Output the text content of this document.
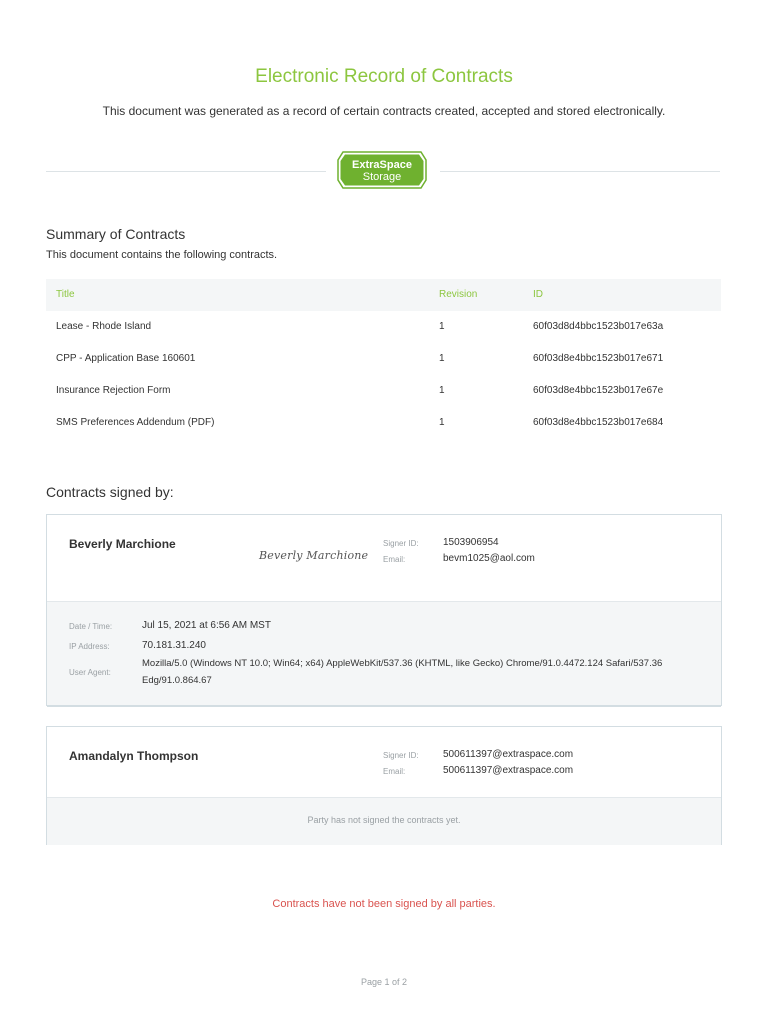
Electronic Record of Contracts
This document was generated as a record of certain contracts created, accepted and stored electronically.
ExtraSpace
Storage
Summary of Contracts
This document contains the following contracts.
Title	Revision	ID
Lease - Rhode Island	1	60f03d8d4bbc1523b017e63a
CPP - Application Base 160601	1	60f03d8e4bbc1523b017e671
Insurance Rejection Form	1	60f03d8e4bbc1523b017e67e
SMS Preferences Addendum (PDF)	1	60f03d8e4bbc1523b017e684
Contracts signed by:
Beverly Marchione
Beverly Marchione
Signer ID: 1503906954
Email:	bevm1025@aol.com
Date / Time:	Jul 15, 2021 at 6:56 AM MST
IP Address:	70.181.31.240
User Agent:
Mozilla/5.0 (Windows NT 10.0; Win64; x64) AppleWebKit/537.36 (KHTML, like Gecko) Chrome/91.0.4472.124 Safari/537.36
Edg/91.0.864.67
Amandalyn Thompson	Signer ID: 500611397@extraspace.com
Email:	500611397@extraspace.com
Party has not signed the contracts yet.
Contracts have not been signed by all parties.
Page 1 of 2
